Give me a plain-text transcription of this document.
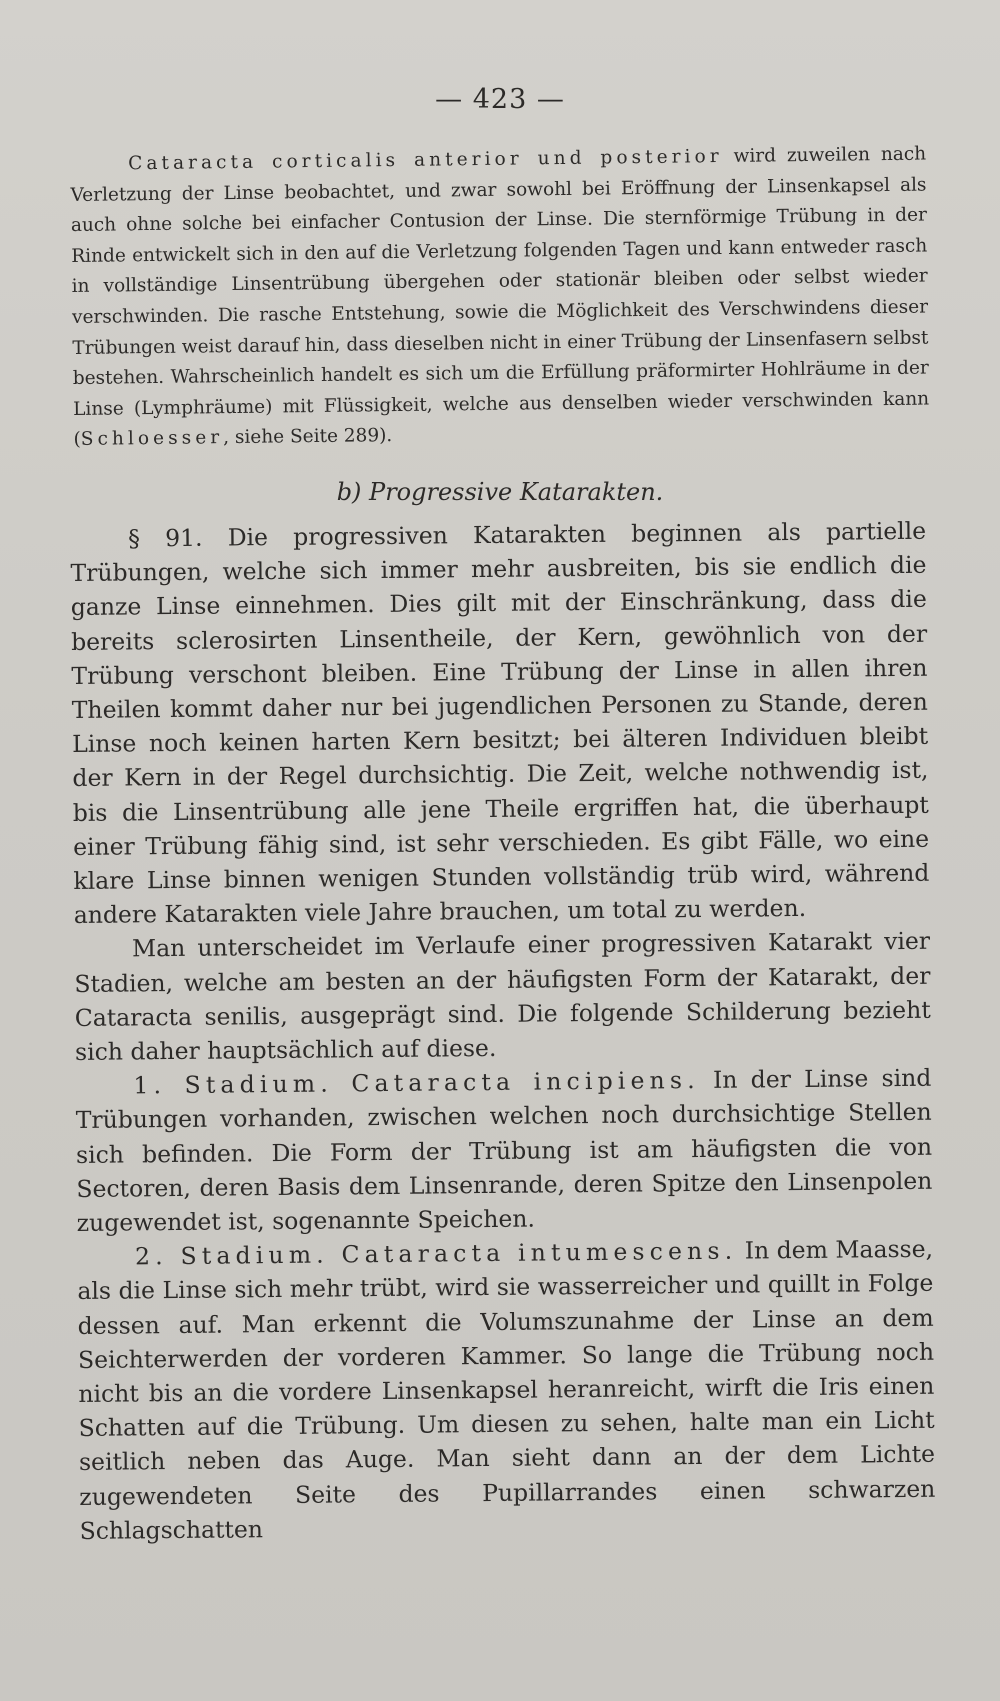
— 423 —

Cataracta corticalis anterior und posterior wird zuweilen nach Verletzung der Linse beobachtet, und zwar sowohl bei Eröffnung der Linsenkapsel als auch ohne solche bei einfacher Contusion der Linse. Die sternförmige Trübung in der Rinde entwickelt sich in den auf die Verletzung folgenden Tagen und kann entweder rasch in vollständige Linsentrübung übergehen oder stationär bleiben oder selbst wieder verschwinden. Die rasche Entstehung, sowie die Möglichkeit des Verschwindens dieser Trübungen weist darauf hin, dass dieselben nicht in einer Trübung der Linsenfasern selbst bestehen. Wahrscheinlich handelt es sich um die Erfüllung präformirter Hohlräume in der Linse (Lymphräume) mit Flüssigkeit, welche aus denselben wieder verschwinden kann (Schloesser, siehe Seite 289).

b) Progressive Katarakten.

§ 91. Die progressiven Katarakten beginnen als partielle Trübungen, welche sich immer mehr ausbreiten, bis sie endlich die ganze Linse einnehmen. Dies gilt mit der Einschränkung, dass die bereits sclerosirten Linsentheile, der Kern, gewöhnlich von der Trübung verschont bleiben. Eine Trübung der Linse in allen ihren Theilen kommt daher nur bei jugendlichen Personen zu Stande, deren Linse noch keinen harten Kern besitzt; bei älteren Individuen bleibt der Kern in der Regel durchsichtig. Die Zeit, welche nothwendig ist, bis die Linsentrübung alle jene Theile ergriffen hat, die überhaupt einer Trübung fähig sind, ist sehr verschieden. Es gibt Fälle, wo eine klare Linse binnen wenigen Stunden vollständig trüb wird, während andere Katarakten viele Jahre brauchen, um total zu werden.

Man unterscheidet im Verlaufe einer progressiven Katarakt vier Stadien, welche am besten an der häufigsten Form der Katarakt, der Cataracta senilis, ausgeprägt sind. Die folgende Schilderung bezieht sich daher hauptsächlich auf diese.

1. Stadium. Cataracta incipiens. In der Linse sind Trübungen vorhanden, zwischen welchen noch durchsichtige Stellen sich befinden. Die Form der Trübung ist am häufigsten die von Sectoren, deren Basis dem Linsenrande, deren Spitze den Linsenpolen zugewendet ist, sogenannte Speichen.

2. Stadium. Cataracta intumescens. In dem Maasse, als die Linse sich mehr trübt, wird sie wasserreicher und quillt in Folge dessen auf. Man erkennt die Volumszunahme der Linse an dem Seichterwerden der vorderen Kammer. So lange die Trübung noch nicht bis an die vordere Linsenkapsel heranreicht, wirft die Iris einen Schatten auf die Trübung. Um diesen zu sehen, halte man ein Licht seitlich neben das Auge. Man sieht dann an der dem Lichte zugewendeten Seite des Pupillarrandes einen schwarzen Schlagschatten
